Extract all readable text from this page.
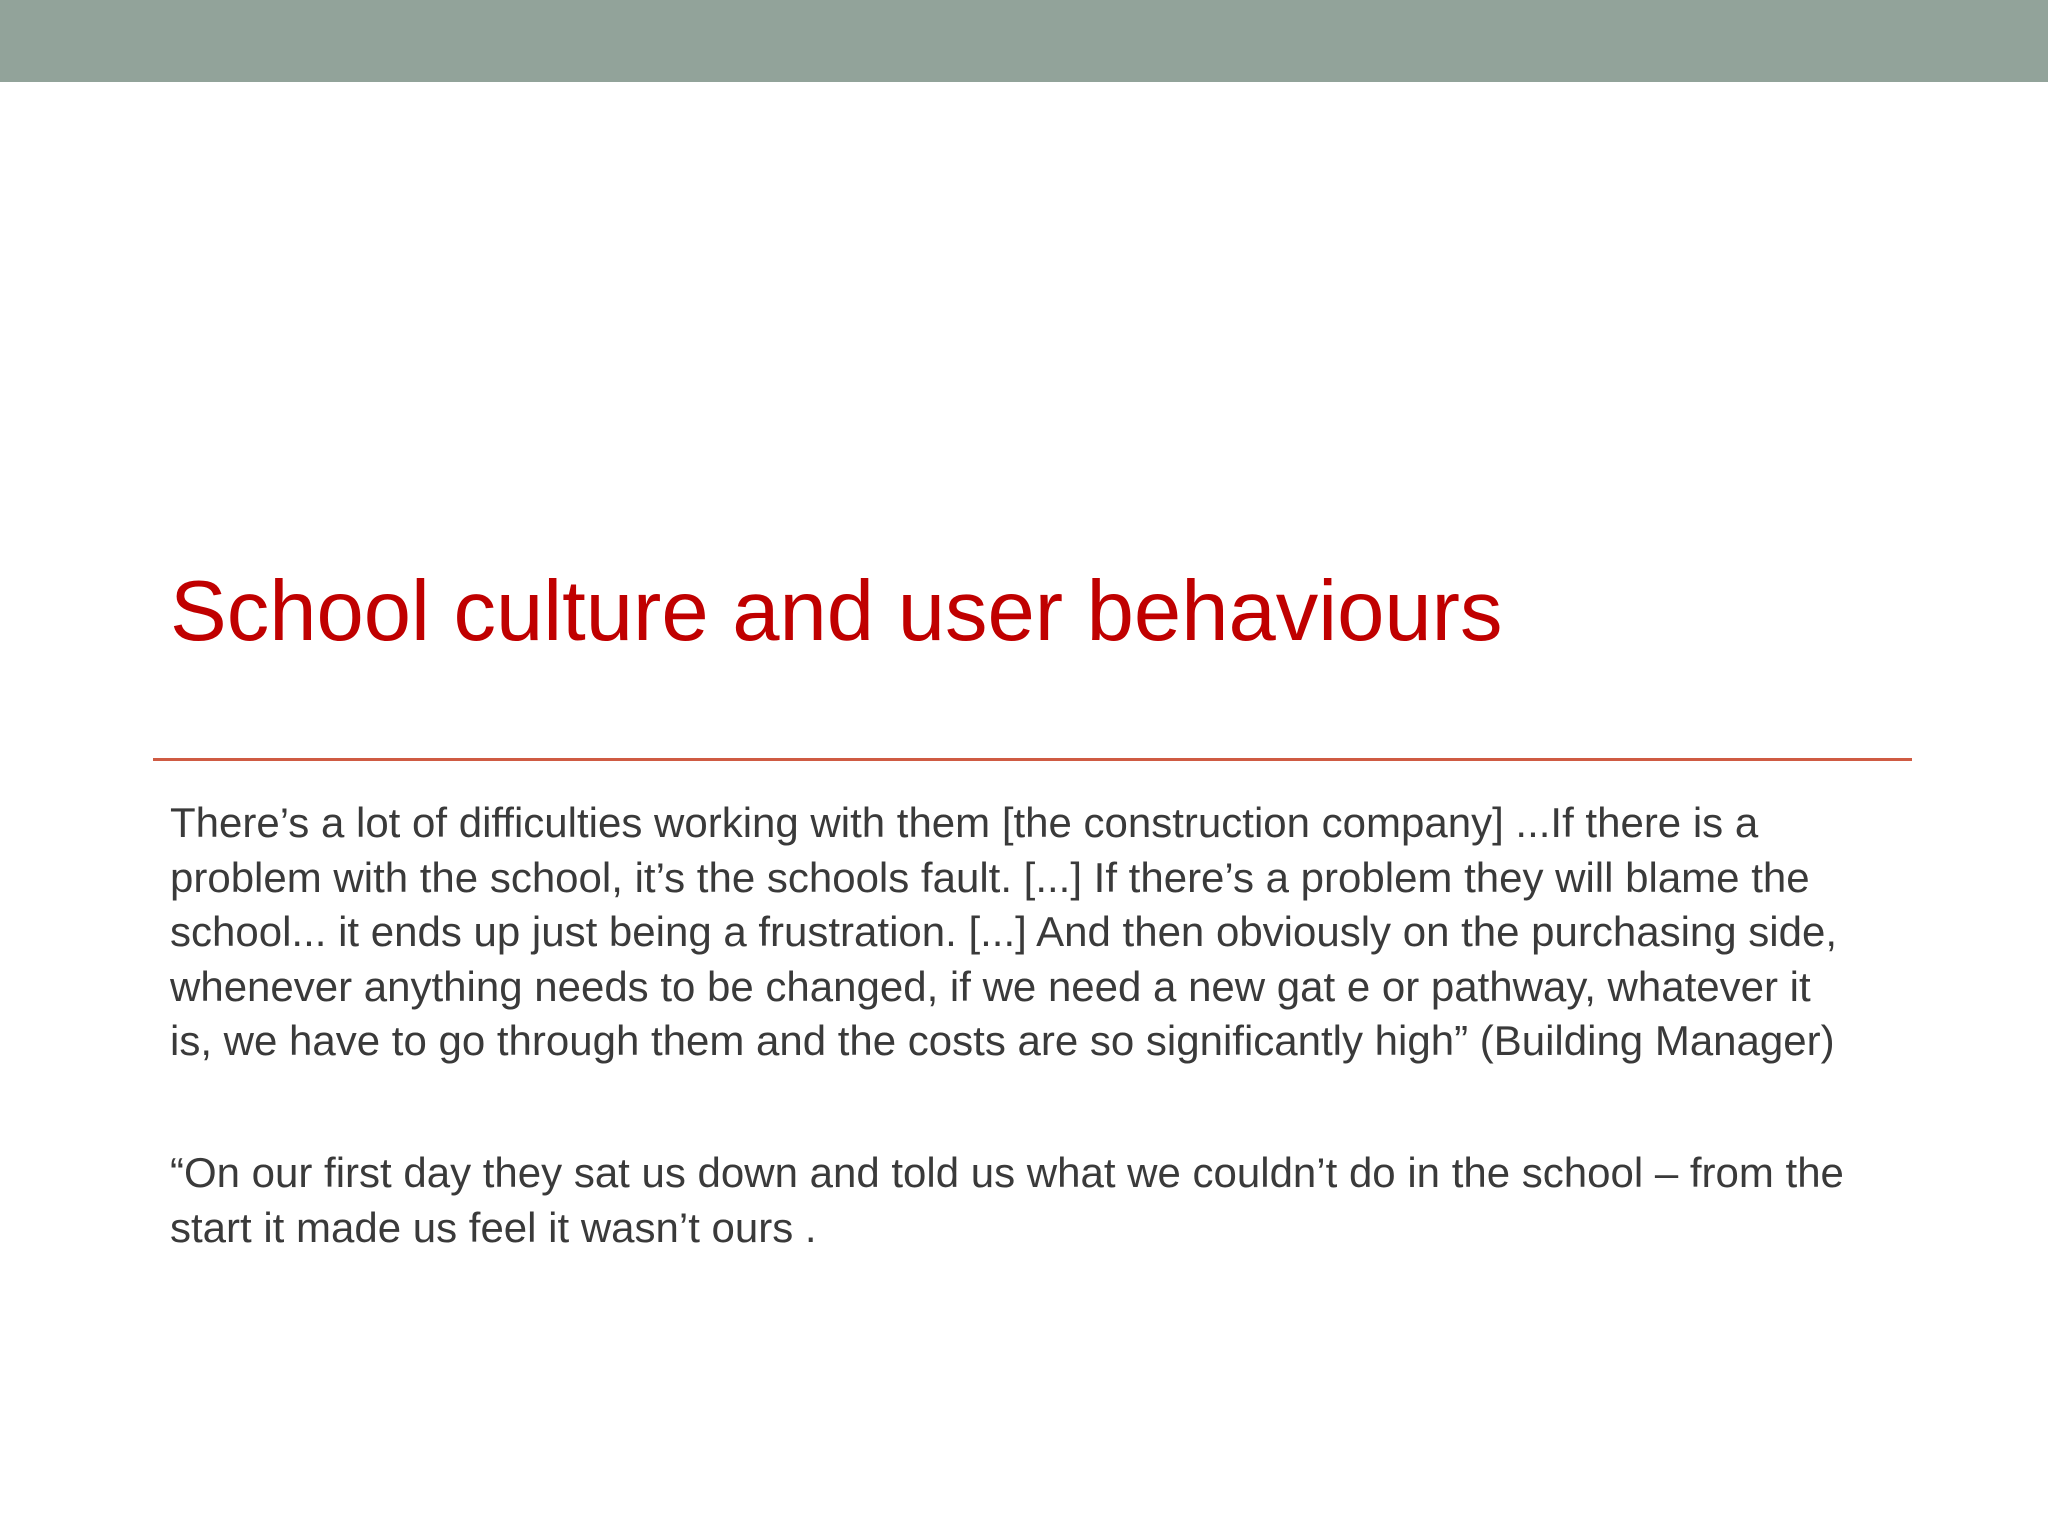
School culture and user behaviours

There’s a lot of difficulties working with them [the construction company] ...If there is a
problem with the school, it’s the schools fault. [...] If there’s a problem they will blame the
school... it ends up just being a frustration. [...] And then obviously on the purchasing side,
whenever anything needs to be changed, if we need a new gat e or pathway, whatever it
is, we have to go through them and the costs are so significantly high” (Building Manager)

“On our first day they sat us down and told us what we couldn’t do in the school – from the
start it made us feel it wasn’t ours .
